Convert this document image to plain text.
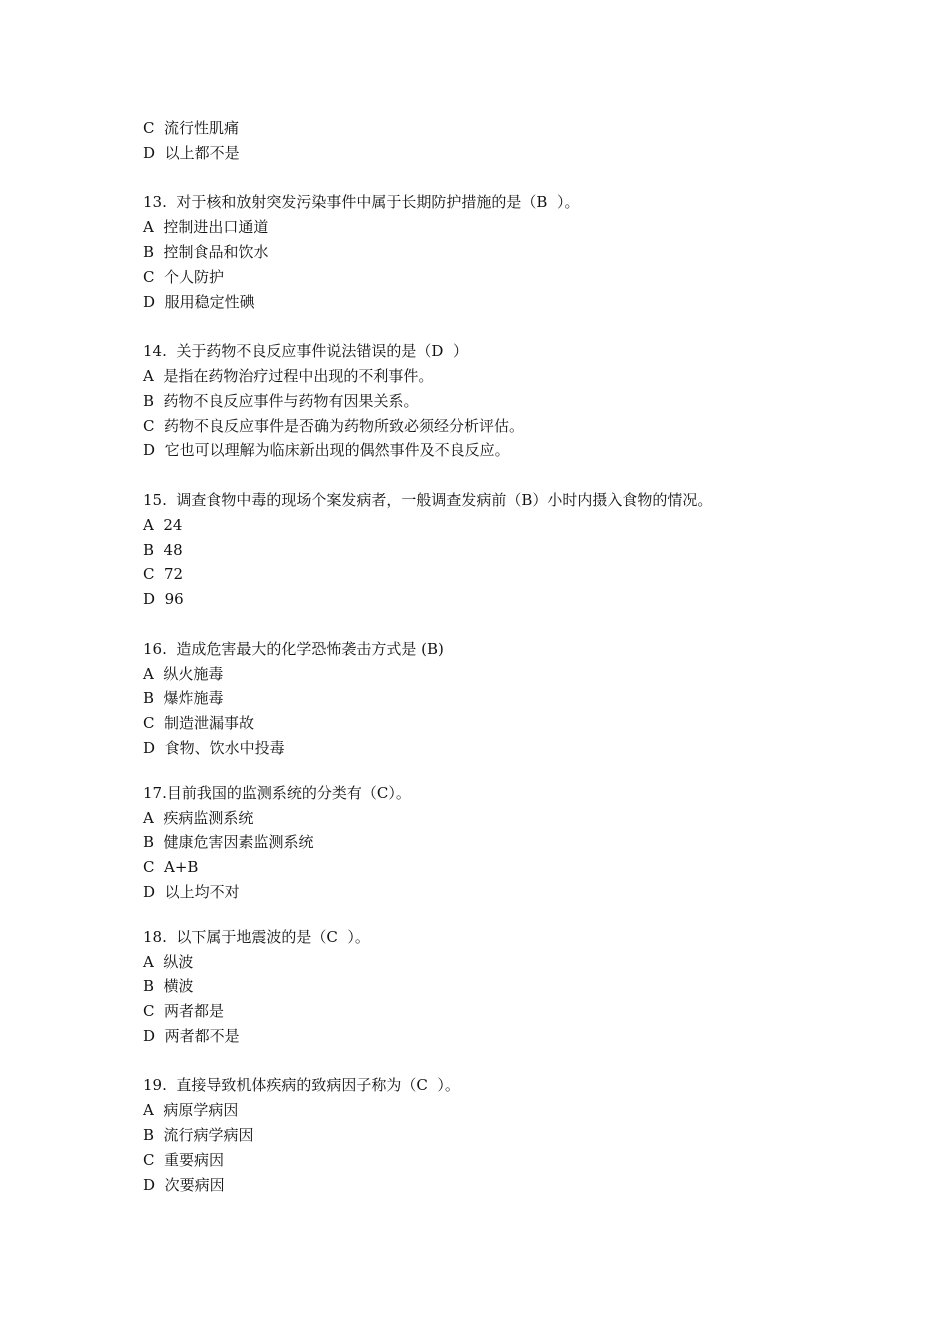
C  流行性肌痛
D  以上都不是
13.  对于核和放射突发污染事件中属于长期防护措施的是（B  ）。
A  控制进出口通道
B  控制食品和饮水
C  个人防护
D  服用稳定性碘
14.  关于药物不良反应事件说法错误的是（D  ）
A  是指在药物治疗过程中出现的不利事件。
B  药物不良反应事件与药物有因果关系。
C  药物不良反应事件是否确为药物所致必须经分析评估。
D  它也可以理解为临床新出现的偶然事件及不良反应。
15.  调查食物中毒的现场个案发病者，一般调查发病前（B）小时内摄入食物的情况。
A  24
B  48
C  72
D  96
16.  造成危害最大的化学恐怖袭击方式是 (B)
A  纵火施毒
B  爆炸施毒
C  制造泄漏事故
D  食物、饮水中投毒
17.目前我国的监测系统的分类有（C）。
A  疾病监测系统
B  健康危害因素监测系统
C  A+B
D  以上均不对
18.  以下属于地震波的是（C  ）。
A  纵波
B  横波
C  两者都是
D  两者都不是
19.  直接导致机体疾病的致病因子称为（C  ）。
A  病原学病因
B  流行病学病因
C  重要病因
D  次要病因
